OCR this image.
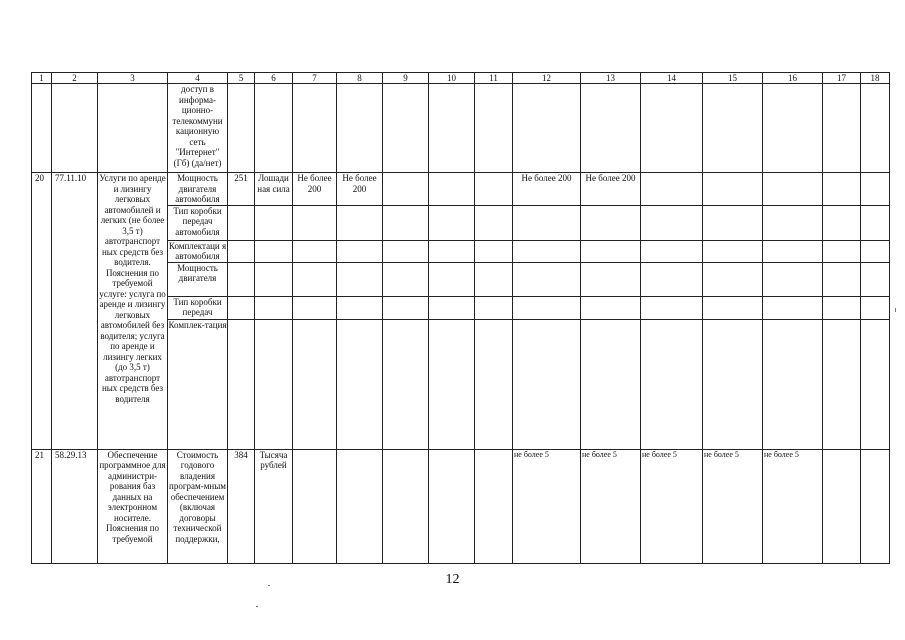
1	2	3	4	5	6	7	8	9	10	11	12	13	14	15	16	17	18
			доступ в информа-ционно-телекоммуни кационную сеть "Интернет" (Гб) (да/нет)														
20	77.11.10	Услуги по аренде и лизингу легковых автомобилей и легких (не более 3,5 т) автотранспорт ных средств без водителя. Пояснения по требуемой услуге: услуга по аренде и лизингу легковых автомобилей без водителя; услуга по аренде и лизингу легких (до 3,5 т) автотранспорт ных средств без водителя	Мощность двигателя автомобиля	251	Лошади ная сила	Не более 200	Не более 200				Не более 200	Не более 200					
			Тип коробки передач автомобиля														
			Комплектаци я автомобиля														
			Мощность двигателя														
			Тип коробки передач														
			Комплек-тация														
21	58.29.13	Обеспечение программное для администри-рования баз данных на электронном носителе. Пояснения по требуемой	Стоимость годового владения програм-мным обеспечением (включая договоры технической поддержки,	384	Тысяча рублей						не более 5	не более 5	не более 5	не более 5	не более 5		
12
